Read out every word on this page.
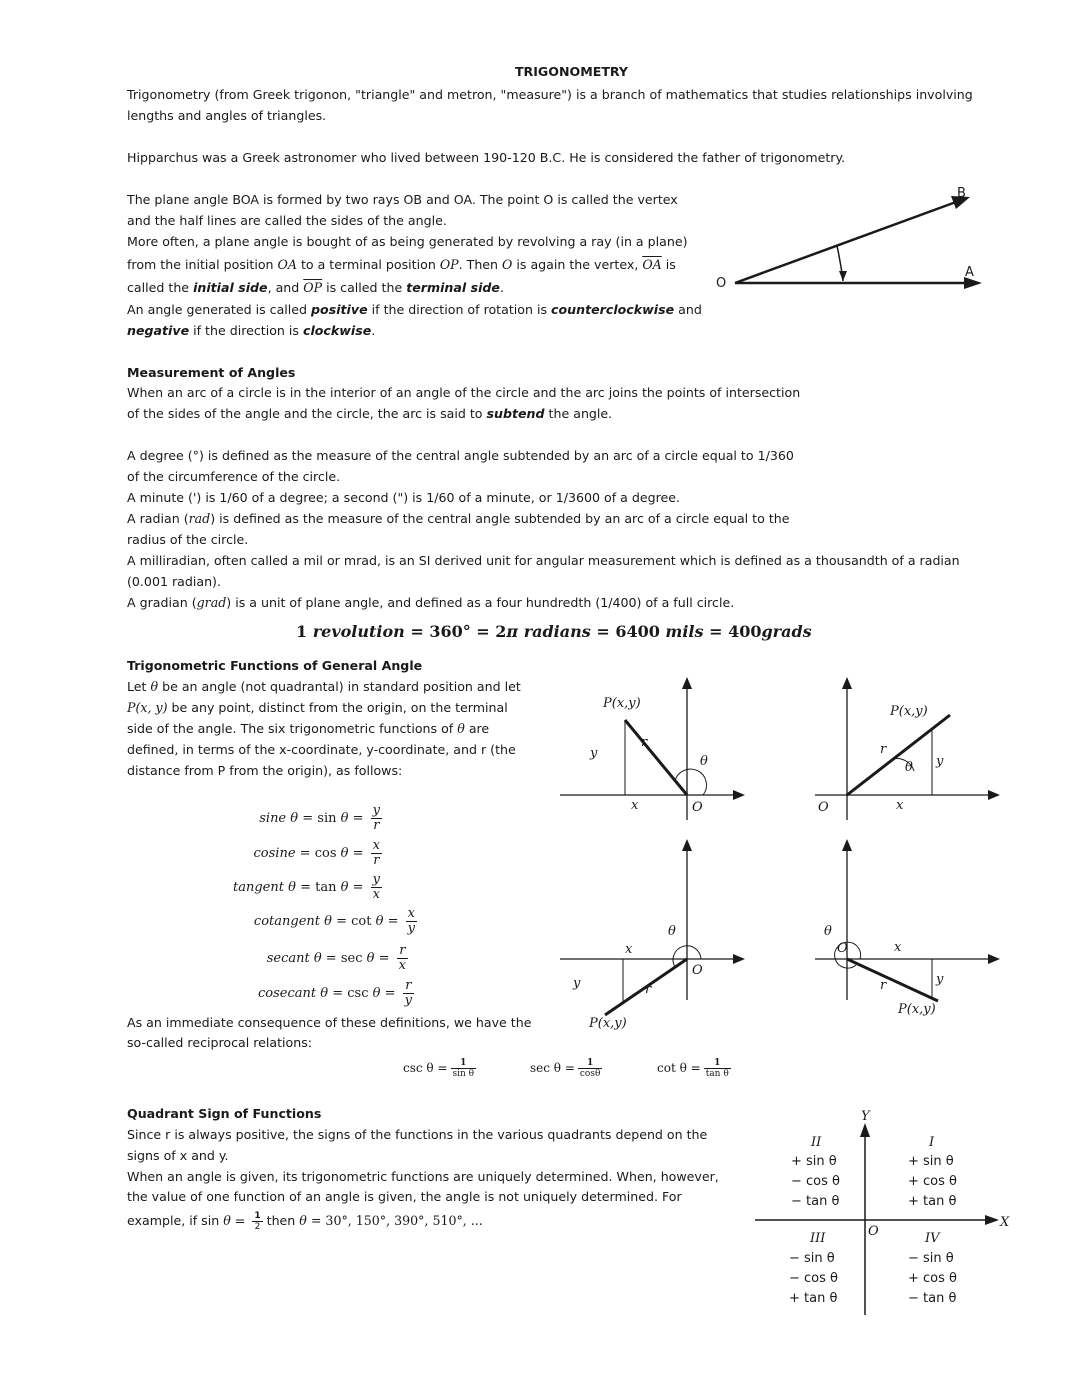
TRIGONOMETRY
Trigonometry (from Greek trigonon, "triangle" and metron, "measure") is a branch of mathematics that studies relationships involving
lengths and angles of triangles.
Hipparchus was a Greek astronomer who lived between 190-120 B.C. He is considered the father of trigonometry.
The plane angle BOA is formed by two rays OB and OA. The point O is called the vertex
and the half lines are called the sides of the angle.
More often, a plane angle is bought of as being generated by revolving a ray (in a plane)
from the initial position OA to a terminal position OP. Then O is again the vertex, $\overline{OA}$ is
called the initial side, and $\overline{OP}$ is called the terminal side.
An angle generated is called positive if the direction of rotation is counterclockwise and
negative if the direction is clockwise.
B
A
O
Measurement of Angles
When an arc of a circle is in the interior of an angle of the circle and the arc joins the points of intersection
of the sides of the angle and the circle, the arc is said to subtend the angle.
A degree (°) is defined as the measure of the central angle subtended by an arc of a circle equal to 1/360
of the circumference of the circle.
A minute (') is 1/60 of a degree; a second (") is 1/60 of a minute, or 1/3600 of a degree.
A radian (rad) is defined as the measure of the central angle subtended by an arc of a circle equal to the
radius of the circle.
A milliradian, often called a mil or mrad, is an SI derived unit for angular measurement which is defined as a thousandth of a radian
(0.001 radian).
A gradian (grad) is a unit of plane angle, and defined as a four hundredth (1/400) of a full circle.
1 revolution = 360° = 2π radians = 6400 mils = 400grads
Trigonometric Functions of General Angle
Let θ be an angle (not quadrantal) in standard position and let
P(x, y) be any point, distinct from the origin, on the terminal
side of the angle. The six trigonometric functions of θ are
defined, in terms of the x-coordinate, y-coordinate, and r (the
distance from P from the origin), as follows:
sine $\theta = \sin \theta = \frac{y}{r}$
$cosine = \cos \theta = \frac{x}{r}$
tangent $\theta = \tan \theta = \frac{y}{x}$
cotangent $\theta = \cot \theta = \frac{x}{y}$
secant $\theta = \sec \theta = \frac{r}{x}$
cosecant $\theta = \csc \theta = \frac{r}{y}$
As an immediate consequence of these definitions, we have the
so-called reciprocal relations:
$\csc \theta = \frac{1}{\text{sin θ}}$	$\sec \theta = \frac{1}{\cos\theta}$	$\cot \theta = \frac{1}{\text{tan θ}}$
P(x,y)
r
y
x
θ
O
P(x,y)
r
y
x
θ
O
P(x,y)
r
y
x
θ
O
P(x,y)
r	y
x
θ
O
Quadrant Sign of Functions
Since r is always positive, the signs of the functions in the various quadrants depend on the
signs of x and y.
When an angle is given, its trigonometric functions are uniquely determined. When, however,
the value of one function of an angle is given, the angle is not uniquely determined. For
example, if $\sin \theta = \frac{1}{2}$ then θ = 30°, 150°, 390°, 510°, ...
Y
X
O
II
+ sin θ
− cos θ
− tan θ
I
+ sin θ
+ cos θ
+ tan θ
III
− sin θ
− cos θ
+ tan θ
IV
− sin θ
+ cos θ
− tan θ
